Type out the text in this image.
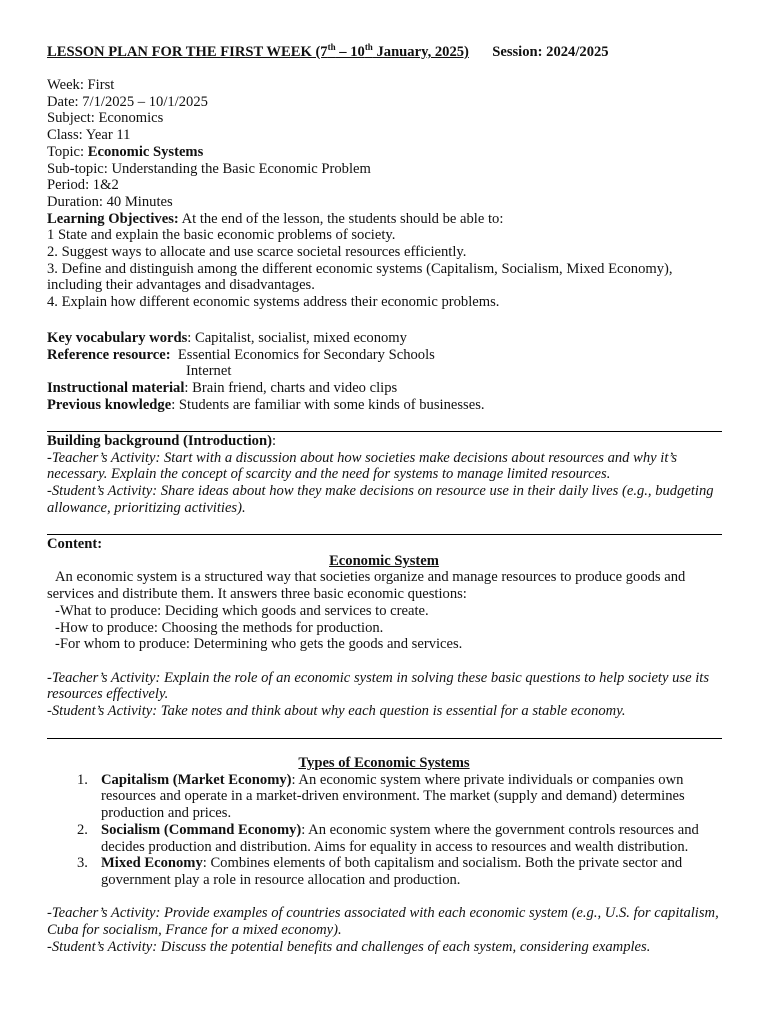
LESSON PLAN FOR THE FIRST WEEK (7th – 10th January, 2025) Session: 2024/2025
Week: First
Date: 7/1/2025 – 10/1/2025
Subject: Economics
Class: Year 11
Topic: Economic Systems
Sub-topic: Understanding the Basic Economic Problem
Period: 1&2
Duration: 40 Minutes
Learning Objectives: At the end of the lesson, the students should be able to:
1 State and explain the basic economic problems of society.
2. Suggest ways to allocate and use scarce societal resources efficiently.
3. Define and distinguish among the different economic systems (Capitalism, Socialism, Mixed Economy), including their advantages and disadvantages.
4. Explain how different economic systems address their economic problems.
Key vocabulary words: Capitalist, socialist, mixed economy
Reference resource:  Essential Economics for Secondary Schools
Internet
Instructional material: Brain friend, charts and video clips
Previous knowledge: Students are familiar with some kinds of businesses.
Building background (Introduction):
-Teacher’s Activity: Start with a discussion about how societies make decisions about resources and why it’s necessary. Explain the concept of scarcity and the need for systems to manage limited resources.
-Student’s Activity: Share ideas about how they make decisions on resource use in their daily lives (e.g., budgeting allowance, prioritizing activities).
Content:
Economic System
An economic system is a structured way that societies organize and manage resources to produce goods and services and distribute them. It answers three basic economic questions:
-What to produce: Deciding which goods and services to create.
-How to produce: Choosing the methods for production.
-For whom to produce: Determining who gets the goods and services.
-Teacher’s Activity: Explain the role of an economic system in solving these basic questions to help society use its resources effectively.
-Student’s Activity: Take notes and think about why each question is essential for a stable economy.
Types of Economic Systems
1. Capitalism (Market Economy): An economic system where private individuals or companies own resources and operate in a market-driven environment. The market (supply and demand) determines production and prices.
2. Socialism (Command Economy): An economic system where the government controls resources and decides production and distribution. Aims for equality in access to resources and wealth distribution.
3. Mixed Economy: Combines elements of both capitalism and socialism. Both the private sector and government play a role in resource allocation and production.
-Teacher’s Activity: Provide examples of countries associated with each economic system (e.g., U.S. for capitalism, Cuba for socialism, France for a mixed economy).
-Student’s Activity: Discuss the potential benefits and challenges of each system, considering examples.
